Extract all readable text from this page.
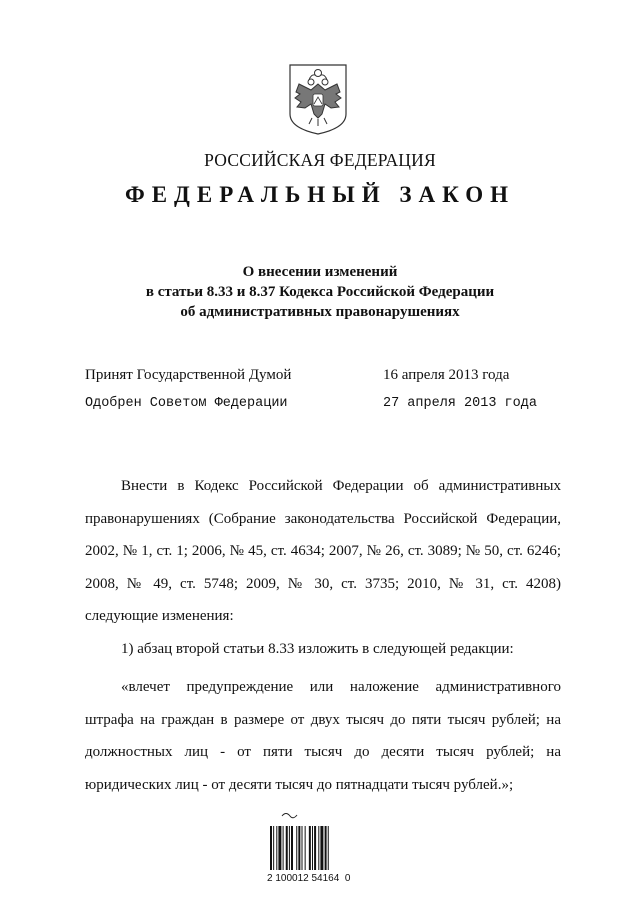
РОССИЙСКАЯ ФЕДЕРАЦИЯ
ФЕДЕРАЛЬНЫЙ ЗАКОН
О внесении изменений
в статьи 8.33 и 8.37 Кодекса Российской Федерации
об административных правонарушениях
Принят Государственной Думой	16 апреля 2013 года
Одобрен Советом Федерации	27 апреля 2013 года
Внести в Кодекс Российской Федерации об административных правонарушениях (Собрание законодательства Российской Федерации, 2002, № 1, ст. 1; 2006, № 45, ст. 4634; 2007, № 26, ст. 3089; № 50, ст. 6246; 2008, № 49, ст. 5748; 2009, № 30, ст. 3735; 2010, № 31, ст. 4208) следующие изменения:
1) абзац второй статьи 8.33 изложить в следующей редакции:
«влечет предупреждение или наложение административного штрафа на граждан в размере от двух тысяч до пяти тысяч рублей; на должностных лиц - от пяти тысяч до десяти тысяч рублей; на юридических лиц - от десяти тысяч до пятнадцати тысяч рублей.»;
2 100012 54164  0
